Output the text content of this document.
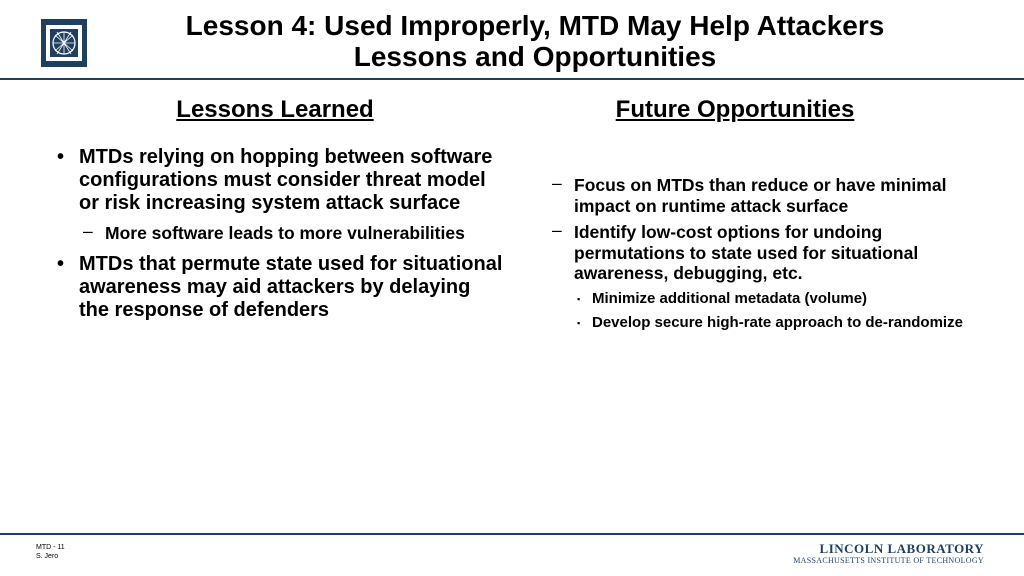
Lesson 4: Used Improperly, MTD May Help Attackers
Lessons and Opportunities
Lessons Learned	Future Opportunities
• MTDs relying on hopping between software configurations must consider threat model or risk increasing system attack surface
– More software leads to more vulnerabilities
• MTDs that permute state used for situational awareness may aid attackers by delaying the response of defenders
– Focus on MTDs than reduce or have minimal impact on runtime attack surface
– Identify low-cost options for undoing permutations to state used for situational awareness, debugging, etc.
▪ Minimize additional metadata (volume)
▪ Develop secure high-rate approach to de-randomize
MTD - 11
S. Jero
LINCOLN LABORATORY
MASSACHUSETTS INSTITUTE OF TECHNOLOGY
